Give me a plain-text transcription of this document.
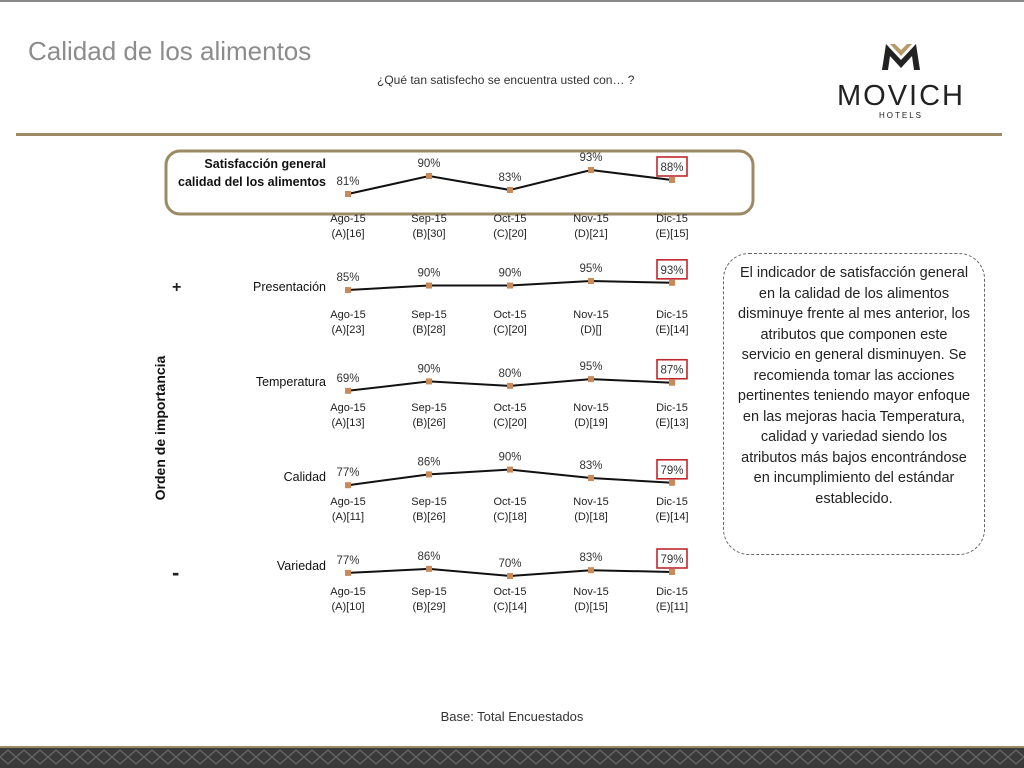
Calidad de los alimentos
¿Qué tan satisfecho se encuentra usted con… ?	MOVICH
HOTELS
Orden de importancia
+
-
Satisfacción general
calidad del los alimentos 81%
Ago-15
(A)[16]
90%
Sep-15
(B)[30]
83%
Oct-15
(C)[20]
93%
Nov-15
(D)[21]
88%
Dic-15
(E)[15]
Presentación
85%
Ago-15
(A)[23]
90%
Sep-15
(B)[28]
90%
Oct-15
(C)[20]
95%
Nov-15
(D)[]
93%
Dic-15
(E)[14]
Temperatura 69%
Ago-15
(A)[13]
90%
Sep-15
(B)[26]
80%
Oct-15
(C)[20]
95%
Nov-15
(D)[19]
87%
Dic-15
(E)[13]
Calidad 77%
Ago-15
(A)[11]
86%
Sep-15
(B)[26]
90%
Oct-15
(C)[18]
83%
Nov-15
(D)[18]
79%
Dic-15
(E)[14]
Variedad 77%
Ago-15
(A)[10]
86%
Sep-15
(B)[29]
70%
Oct-15
(C)[14]
83%
Nov-15
(D)[15]
79%
Dic-15
(E)[11]
El indicador de satisfacción general en la calidad de los alimentos disminuye frente al mes anterior, los atributos que componen este servicio en general disminuyen. Se recomienda tomar las acciones pertinentes teniendo mayor enfoque en las mejoras hacia Temperatura, calidad y variedad siendo los atributos más bajos encontrándose en incumplimiento del estándar establecido.
Base: Total Encuestados
